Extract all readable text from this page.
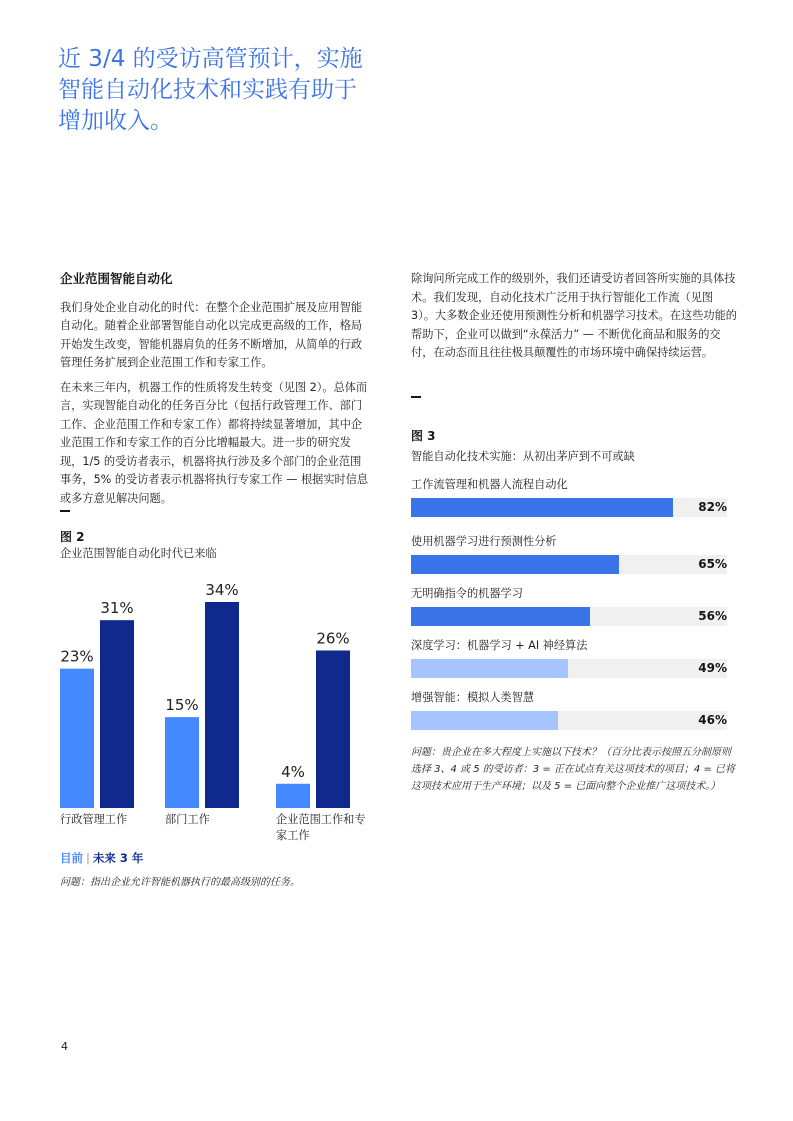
近 3/4 的受访高管预计，实施智能自动化技术和实践有助于增加收入。
企业范围智能自动化

我们身处企业自动化的时代：在整个企业范围扩展及应用智能自动化。随着企业部署智能自动化以完成更高级的工作，格局开始发生改变，智能机器肩负的任务不断增加，从简单的行政管理任务扩展到企业范围工作和专家工作。

在未来三年内，机器工作的性质将发生转变（见图 2）。总体而言，实现智能自动化的任务百分比（包括行政管理工作、部门工作、企业范围工作和专家工作）都将持续显著增加，其中企业范围工作和专家工作的百分比增幅最大。进一步的研究发现，1/5 的受访者表示，机器将执行涉及多个部门的企业范围事务，5% 的受访者表示机器将执行专家工作 — 根据实时信息或多方意见解决问题。

图 2
企业范围智能自动化时代已来临
23%
31%
15%
34%
4%
26%
行政管理工作	部门工作	企业范围工作和专家工作
目前 | 未来 3 年
问题：指出企业允许智能机器执行的最高级别的任务。

除询问所完成工作的级别外，我们还请受访者回答所实施的具体技术。我们发现，自动化技术广泛用于执行智能化工作流（见图 3）。大多数企业还使用预测性分析和机器学习技术。在这些功能的帮助下，企业可以做到“永葆活力” — 不断优化商品和服务的交付，在动态而且往往极具颠覆性的市场环境中确保持续运营。

图 3
智能自动化技术实施：从初出茅庐到不可或缺
工作流管理和机器人流程自动化
82%
使用机器学习进行预测性分析
65%
无明确指令的机器学习
56%
深度学习：机器学习 + AI 神经算法
49%
增强智能：模拟人类智慧
46%
问题：贵企业在多大程度上实施以下技术？（百分比表示按照五分制原则选择 3、4 或 5 的受访者：3 = 正在试点有关这项技术的项目；4 = 已将这项技术应用于生产环境；以及 5 = 已面向整个企业推广这项技术。）
4
